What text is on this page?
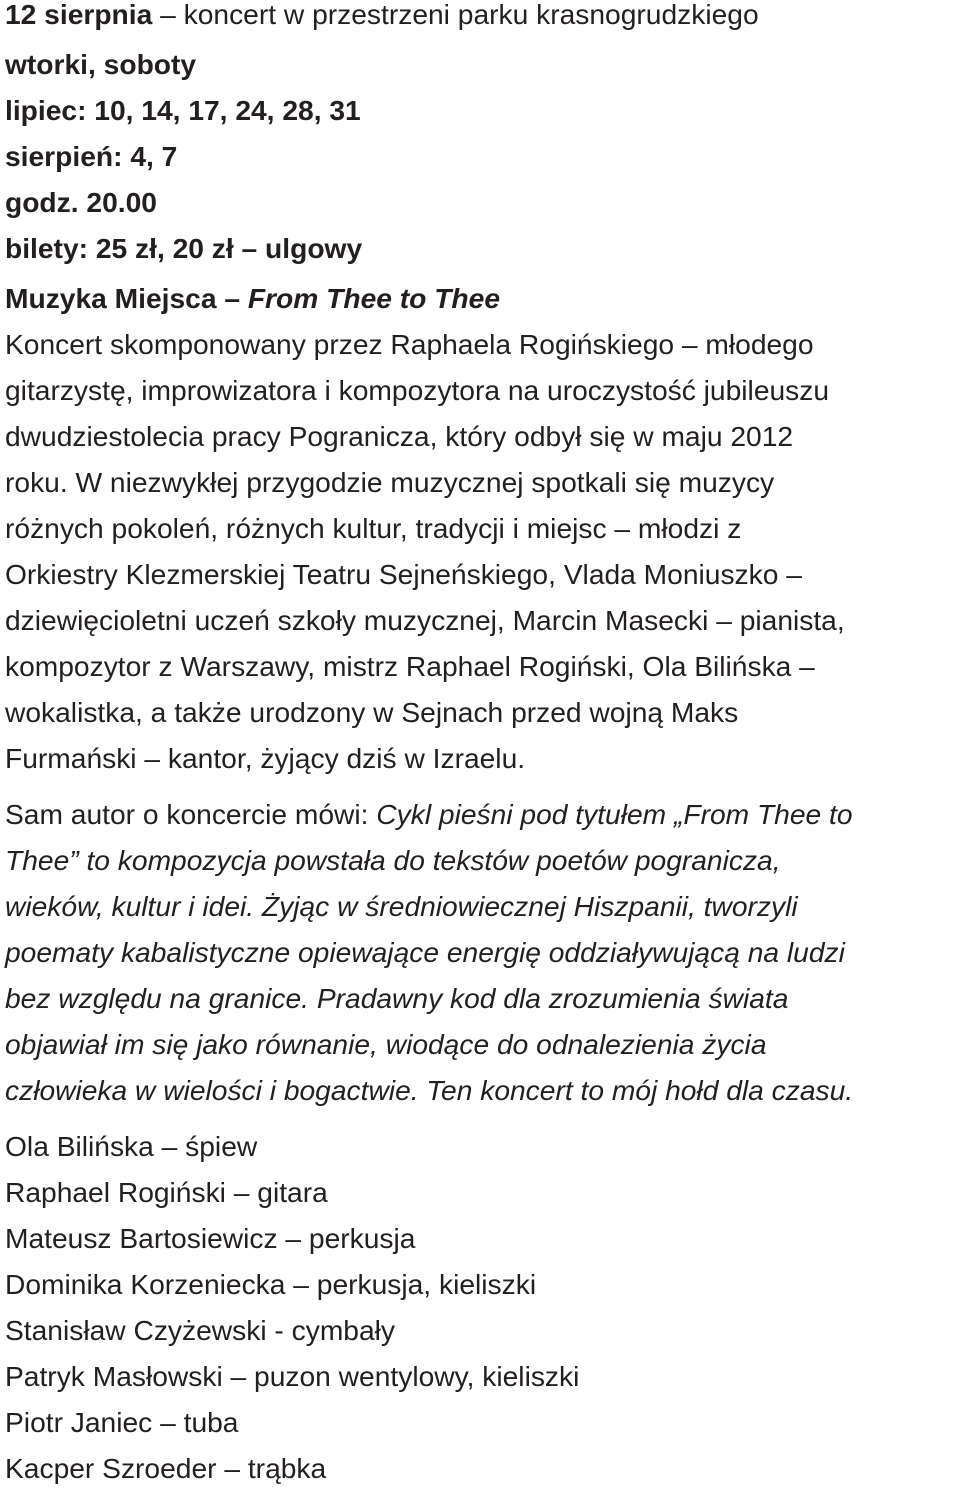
12 sierpnia – koncert w przestrzeni parku krasnogrudzkiego
wtorki, soboty
lipiec: 10, 14, 17, 24, 28, 31
sierpień: 4, 7
godz. 20.00
bilety: 25 zł, 20 zł – ulgowy
Muzyka Miejsca – From Thee to Thee
Koncert skomponowany przez Raphaela Rogińskiego – młodego
gitarzystę, improwizatora i kompozytora na uroczystość jubileuszu
dwudziestolecia pracy Pogranicza, który odbył się w maju 2012
roku. W niezwykłej przygodzie muzycznej spotkali się muzycy
różnych pokoleń, różnych kultur, tradycji i miejsc – młodzi z
Orkiestry Klezmerskiej Teatru Sejneńskiego, Vlada Moniuszko –
dziewięcioletni uczeń szkoły muzycznej, Marcin Masecki – pianista,
kompozytor z Warszawy, mistrz Raphael Rogiński, Ola Bilińska –
wokalistka, a także urodzony w Sejnach przed wojną Maks
Furmański – kantor, żyjący dziś w Izraelu.
Sam autor o koncercie mówi: Cykl pieśni pod tytułem „From Thee to
Thee” to kompozycja powstała do tekstów poetów pogranicza,
wieków, kultur i idei. Żyjąc w średniowiecznej Hiszpanii, tworzyli
poematy kabalistyczne opiewające energię oddziaływującą na ludzi
bez względu na granice. Pradawny kod dla zrozumienia świata
objawiał im się jako równanie, wiodące do odnalezienia życia
człowieka w wielości i bogactwie. Ten koncert to mój hołd dla czasu.
Ola Bilińska – śpiew
Raphael Rogiński – gitara
Mateusz Bartosiewicz – perkusja
Dominika Korzeniecka – perkusja, kieliszki
Stanisław Czyżewski - cymbały
Patryk Masłowski – puzon wentylowy, kieliszki
Piotr Janiec – tuba
Kacper Szroeder – trąbka
